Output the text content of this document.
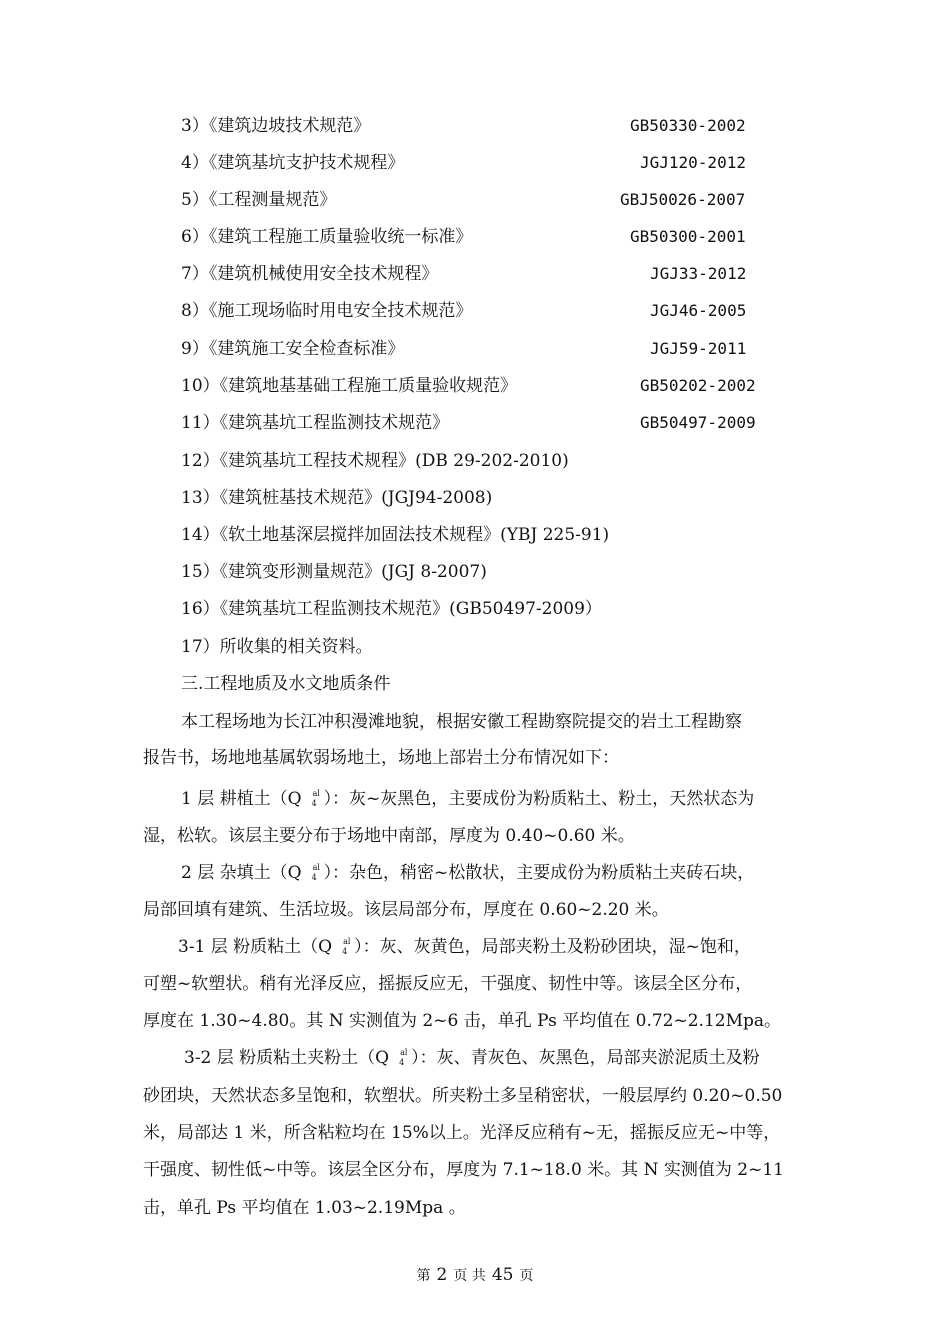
3）《建筑边坡技术规范》	GB50330-2002
4）《建筑基坑支护技术规程》	JGJ120-2012
5）《工程测量规范》	GBJ50026-2007
6）《建筑工程施工质量验收统一标准》	GB50300-2001
7）《建筑机械使用安全技术规程》	JGJ33-2012
8）《施工现场临时用电安全技术规范》	JGJ46-2005
9）《建筑施工安全检查标准》	JGJ59-2011
10）《建筑地基基础工程施工质量验收规范》	GB50202-2002
11）《建筑基坑工程监测技术规范》	GB50497-2009
12）《建筑基坑工程技术规程》(DB 29-202-2010)
13）《建筑桩基技术规范》(JGJ94-2008)
14）《软土地基深层搅拌加固法技术规程》(YBJ 225-91)
15）《建筑变形测量规范》(JGJ 8-2007)
16）《建筑基坑工程监测技术规范》(GB50497-2009）
17）所收集的相关资料。
三.工程地质及水文地质条件
本工程场地为长江冲积漫滩地貌，根据安徽工程勘察院提交的岩土工程勘察
报告书，场地地基属软弱场地土，场地上部岩土分布情况如下：
1 层 耕植土（Q al
4 ）：灰~灰黑色，主要成份为粉质粘土、粉土，天然状态为
湿，松软。该层主要分布于场地中南部，厚度为 0.40~0.60 米。
2 层 杂填土（Q al
4 ）：杂色，稍密~松散状，主要成份为粉质粘土夹砖石块，
局部回填有建筑、生活垃圾。该层局部分布，厚度在 0.60~2.20 米。
3-1 层 粉质粘土（Q al
4 ）：灰、灰黄色，局部夹粉土及粉砂团块，湿~饱和，
可塑~软塑状。稍有光泽反应，摇振反应无，干强度、韧性中等。该层全区分布，
厚度在 1.30~4.80。其 N 实测值为 2~6 击，单孔 Ps 平均值在 0.72~2.12Mpa。
3-2 层 粉质粘土夹粉土（Q al
4 ）：灰、青灰色、灰黑色，局部夹淤泥质土及粉
砂团块，天然状态多呈饱和，软塑状。所夹粉土多呈稍密状，一般层厚约 0.20~0.50
米，局部达 1 米，所含粘粒均在 15%以上。光泽反应稍有~无，摇振反应无~中等，
干强度、韧性低~中等。该层全区分布，厚度为 7.1~18.0 米。其 N 实测值为 2~11
击，单孔 Ps 平均值在 1.03~2.19Mpa 。
第 2 页 共 45 页
